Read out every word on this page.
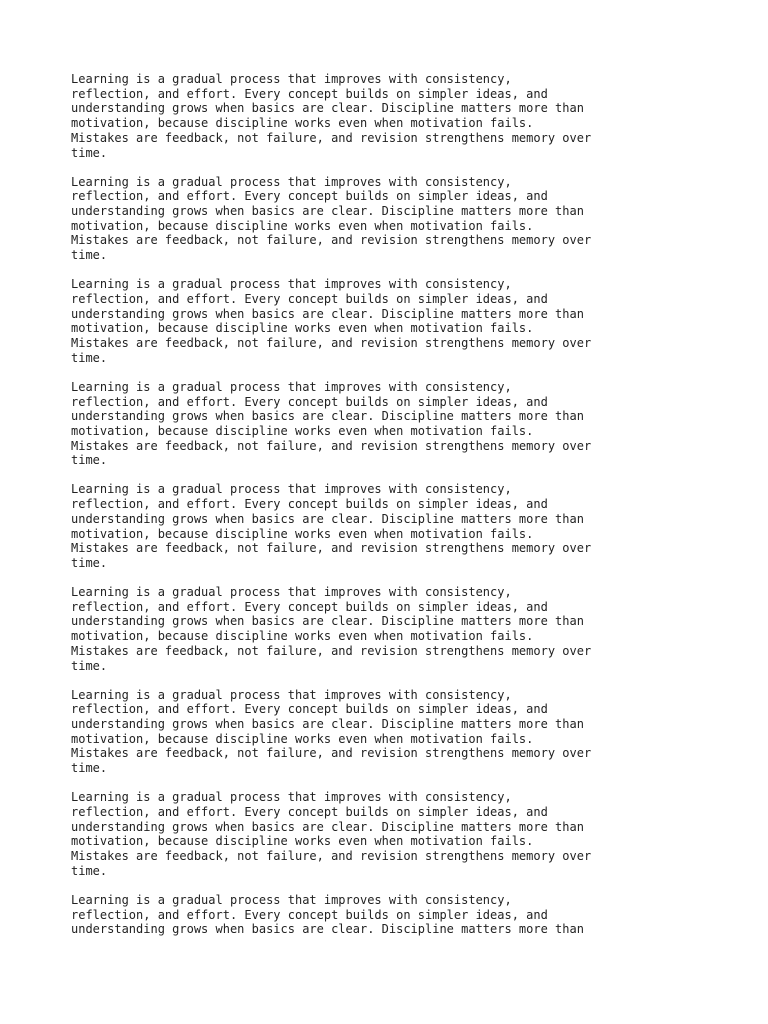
Learning is a gradual process that improves with consistency,
reflection, and effort. Every concept builds on simpler ideas, and
understanding grows when basics are clear. Discipline matters more than
motivation, because discipline works even when motivation fails.
Mistakes are feedback, not failure, and revision strengthens memory over
time.

Learning is a gradual process that improves with consistency,
reflection, and effort. Every concept builds on simpler ideas, and
understanding grows when basics are clear. Discipline matters more than
motivation, because discipline works even when motivation fails.
Mistakes are feedback, not failure, and revision strengthens memory over
time.

Learning is a gradual process that improves with consistency,
reflection, and effort. Every concept builds on simpler ideas, and
understanding grows when basics are clear. Discipline matters more than
motivation, because discipline works even when motivation fails.
Mistakes are feedback, not failure, and revision strengthens memory over
time.

Learning is a gradual process that improves with consistency,
reflection, and effort. Every concept builds on simpler ideas, and
understanding grows when basics are clear. Discipline matters more than
motivation, because discipline works even when motivation fails.
Mistakes are feedback, not failure, and revision strengthens memory over
time.

Learning is a gradual process that improves with consistency,
reflection, and effort. Every concept builds on simpler ideas, and
understanding grows when basics are clear. Discipline matters more than
motivation, because discipline works even when motivation fails.
Mistakes are feedback, not failure, and revision strengthens memory over
time.

Learning is a gradual process that improves with consistency,
reflection, and effort. Every concept builds on simpler ideas, and
understanding grows when basics are clear. Discipline matters more than
motivation, because discipline works even when motivation fails.
Mistakes are feedback, not failure, and revision strengthens memory over
time.

Learning is a gradual process that improves with consistency,
reflection, and effort. Every concept builds on simpler ideas, and
understanding grows when basics are clear. Discipline matters more than
motivation, because discipline works even when motivation fails.
Mistakes are feedback, not failure, and revision strengthens memory over
time.

Learning is a gradual process that improves with consistency,
reflection, and effort. Every concept builds on simpler ideas, and
understanding grows when basics are clear. Discipline matters more than
motivation, because discipline works even when motivation fails.
Mistakes are feedback, not failure, and revision strengthens memory over
time.

Learning is a gradual process that improves with consistency,
reflection, and effort. Every concept builds on simpler ideas, and
understanding grows when basics are clear. Discipline matters more than
